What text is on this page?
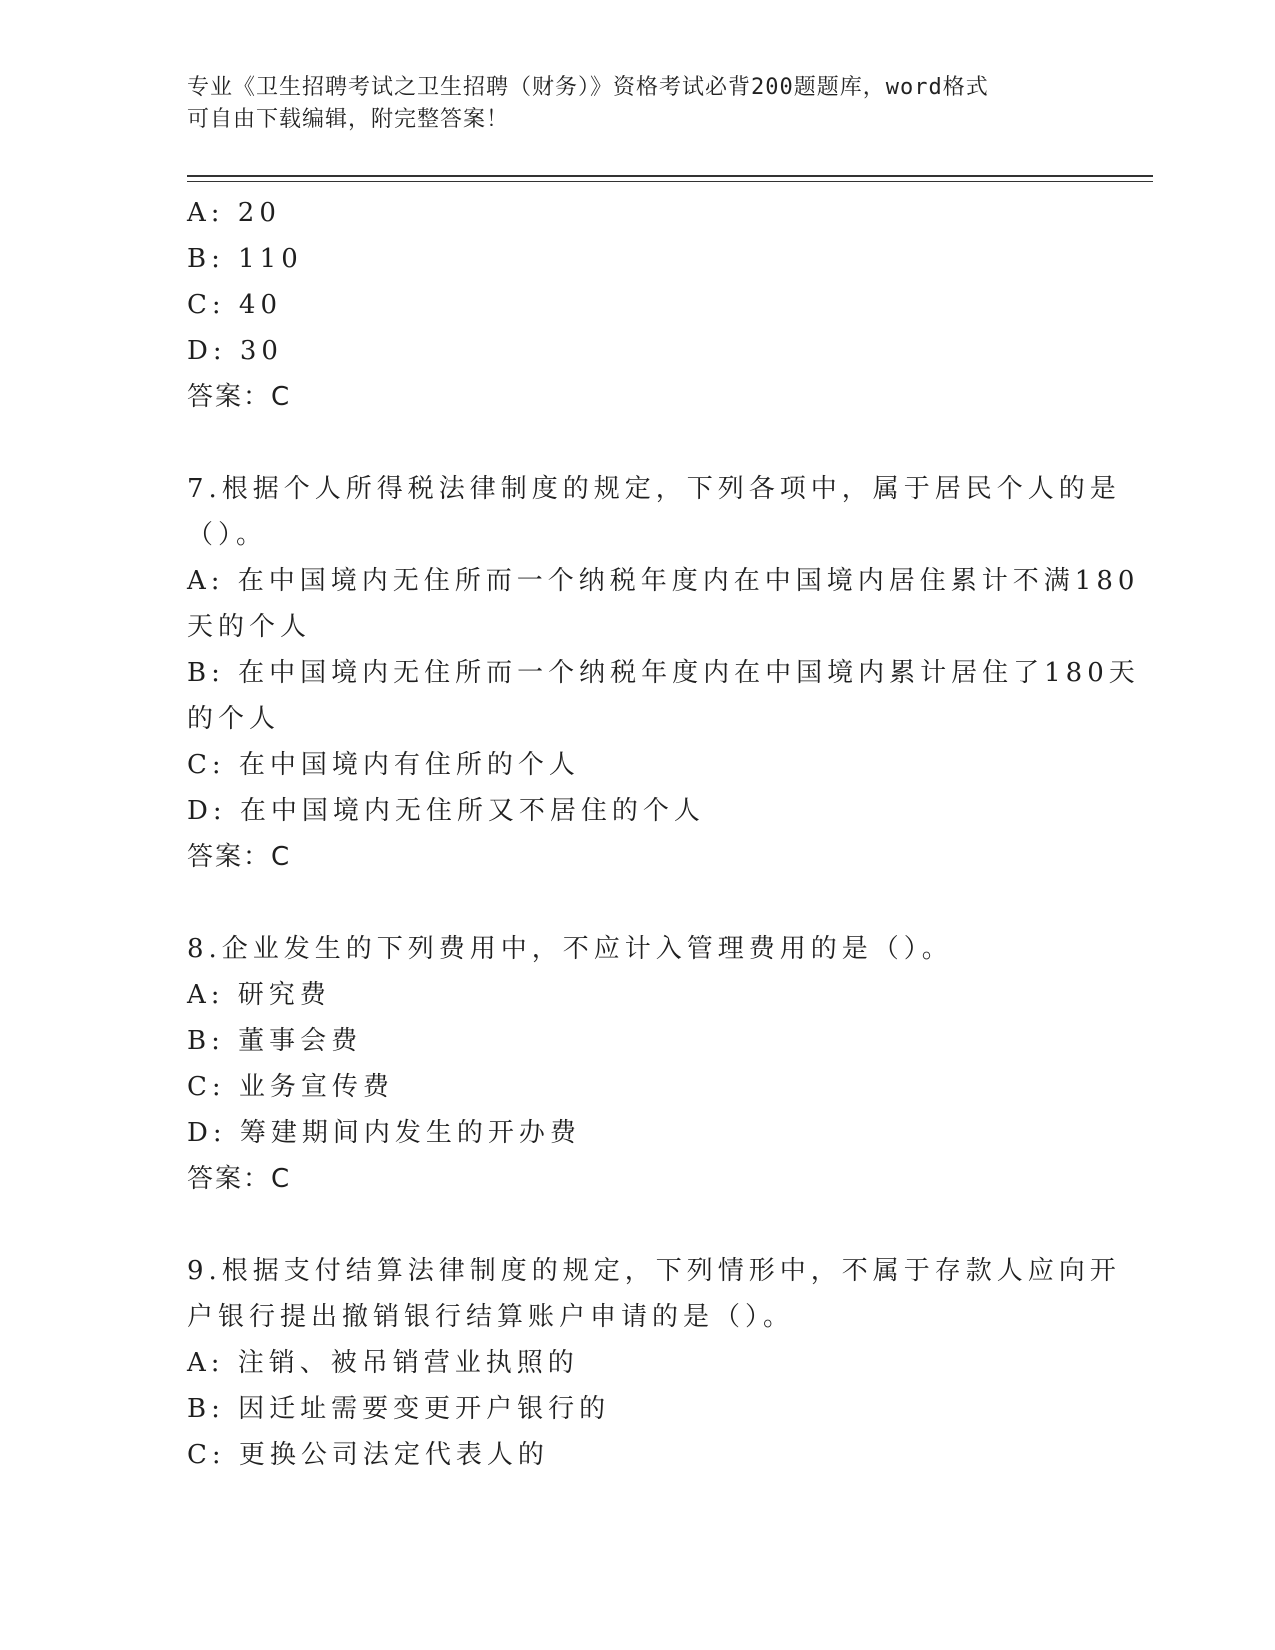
专业《卫生招聘考试之卫生招聘（财务）》资格考试必背200题题库，word格式
可自由下载编辑，附完整答案！
A: 20
B: 110
C: 40
D: 30
答案：C
7.根据个人所得税法律制度的规定，下列各项中，属于居民个人的是
（）。
A: 在中国境内无住所而一个纳税年度内在中国境内居住累计不满180
天的个人
B: 在中国境内无住所而一个纳税年度内在中国境内累计居住了180天
的个人
C: 在中国境内有住所的个人
D: 在中国境内无住所又不居住的个人
答案：C
8.企业发生的下列费用中，不应计入管理费用的是（）。
A: 研究费
B: 董事会费
C: 业务宣传费
D: 筹建期间内发生的开办费
答案：C
9.根据支付结算法律制度的规定，下列情形中，不属于存款人应向开
户银行提出撤销银行结算账户申请的是（）。
A: 注销、被吊销营业执照的
B: 因迁址需要变更开户银行的
C: 更换公司法定代表人的
